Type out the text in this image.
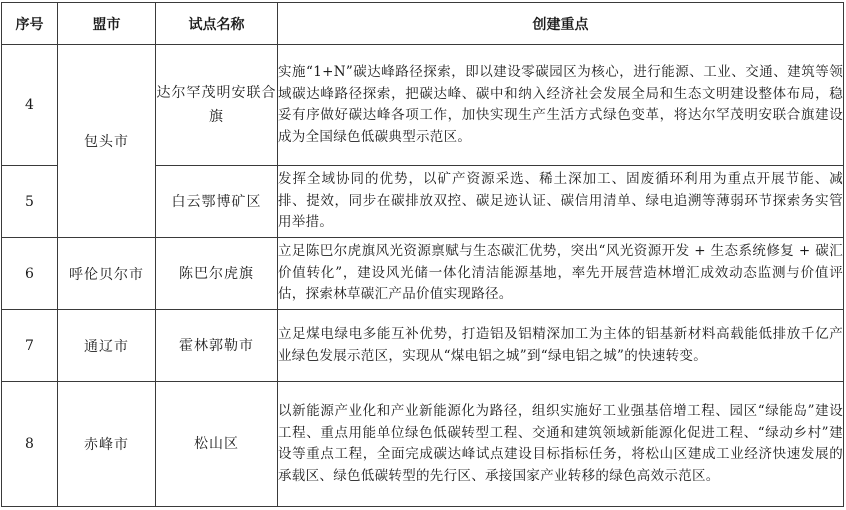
序号	盟市	试点名称	创建重点
4	包头市	达尔罕茂明安联合旗	实施“1+N”碳达峰路径探索，即以建设零碳园区为核心，进行能源、工业、交通、建筑等领域碳达峰路径探索，把碳达峰、碳中和纳入经济社会发展全局和生态文明建设整体布局，稳妥有序做好碳达峰各项工作，加快实现生产生活方式绿色变革，将达尔罕茂明安联合旗建设成为全国绿色低碳典型示范区。
5		白云鄂博矿区	发挥全域协同的优势，以矿产资源采选、稀土深加工、固废循环利用为重点开展节能、减排、提效，同步在碳排放双控、碳足迹认证、碳信用清单、绿电追溯等薄弱环节探索务实管用举措。
6	呼伦贝尔市	陈巴尔虎旗	立足陈巴尔虎旗风光资源禀赋与生态碳汇优势，突出“风光资源开发 + 生态系统修复 + 碳汇价值转化”，建设风光储一体化清洁能源基地，率先开展营造林增汇成效动态监测与价值评估，探索林草碳汇产品价值实现路径。
7	通辽市	霍林郭勒市	立足煤电绿电多能互补优势，打造铝及铝精深加工为主体的铝基新材料高载能低排放千亿产业绿色发展示范区，实现从“煤电铝之城”到“绿电铝之城”的快速转变。
8	赤峰市	松山区	以新能源产业化和产业新能源化为路径，组织实施好工业强基倍增工程、园区“绿能岛”建设工程、重点用能单位绿色低碳转型工程、交通和建筑领域新能源化促进工程、“绿动乡村”建设等重点工程，全面完成碳达峰试点建设目标指标任务，将松山区建成工业经济快速发展的承载区、绿色低碳转型的先行区、承接国家产业转移的绿色高效示范区。
